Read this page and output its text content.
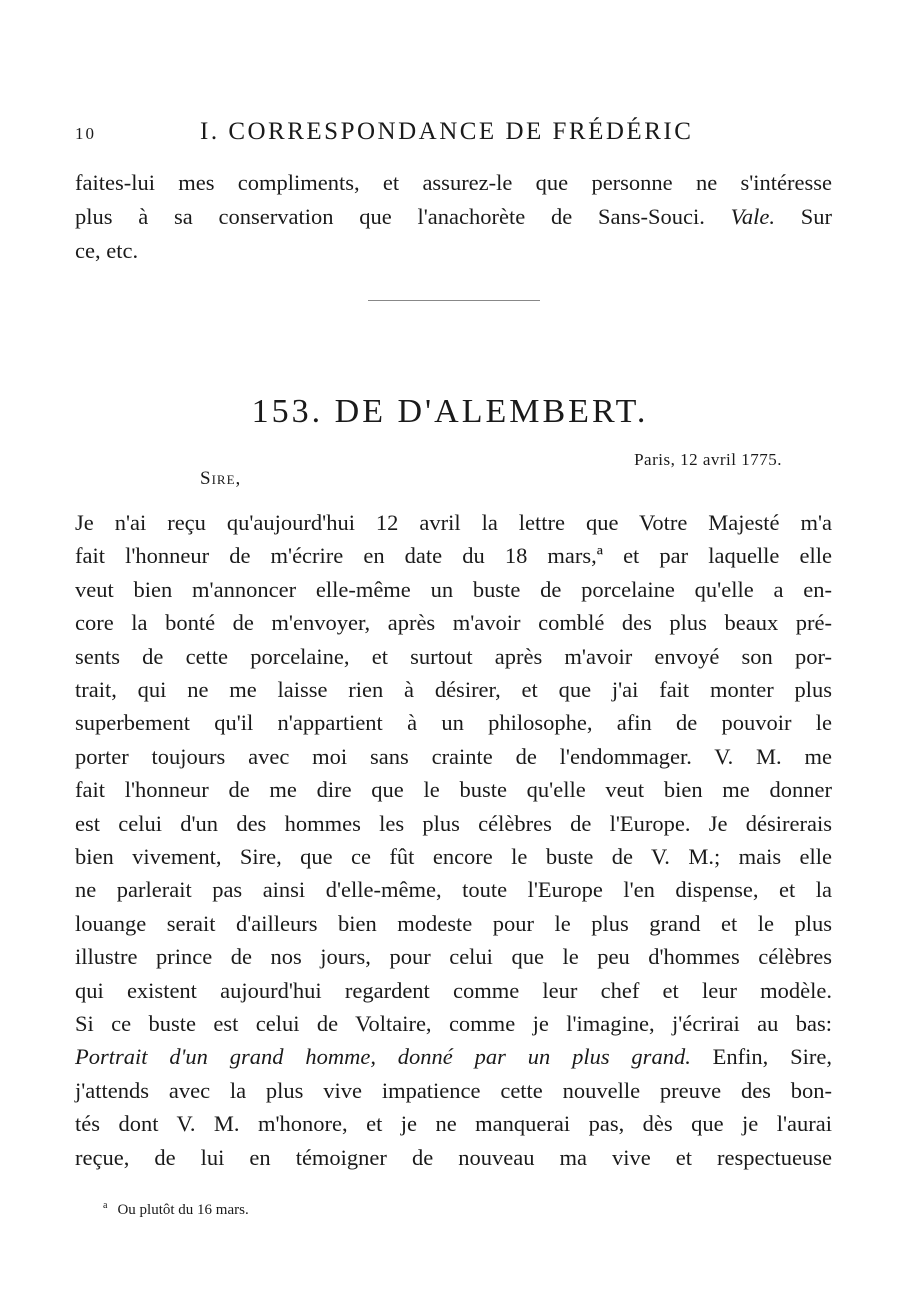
10	I. CORRESPONDANCE DE FRÉDÉRIC
faites-lui mes compliments, et assurez-le que personne ne s'intéresse
plus à sa conservation que l'anachorète de Sans-Souci. Vale. Sur
ce, etc.
153. DE D'ALEMBERT.
Paris, 12 avril 1775.
Sire,
Je n'ai reçu qu'aujourd'hui 12 avril la lettre que Votre Majesté m'a
fait l'honneur de m'écrire en date du 18 mars,ª et par laquelle elle
veut bien m'annoncer elle-même un buste de porcelaine qu'elle a en-
core la bonté de m'envoyer, après m'avoir comblé des plus beaux pré-
sents de cette porcelaine, et surtout après m'avoir envoyé son por-
trait, qui ne me laisse rien à désirer, et que j'ai fait monter plus
superbement qu'il n'appartient à un philosophe, afin de pouvoir le
porter toujours avec moi sans crainte de l'endommager. V. M. me
fait l'honneur de me dire que le buste qu'elle veut bien me donner
est celui d'un des hommes les plus célèbres de l'Europe. Je désirerais
bien vivement, Sire, que ce fût encore le buste de V. M.; mais elle
ne parlerait pas ainsi d'elle-même, toute l'Europe l'en dispense, et la
louange serait d'ailleurs bien modeste pour le plus grand et le plus
illustre prince de nos jours, pour celui que le peu d'hommes célèbres
qui existent aujourd'hui regardent comme leur chef et leur modèle.
Si ce buste est celui de Voltaire, comme je l'imagine, j'écrirai au bas:
Portrait d'un grand homme, donné par un plus grand. Enfin, Sire,
j'attends avec la plus vive impatience cette nouvelle preuve des bon-
tés dont V. M. m'honore, et je ne manquerai pas, dès que je l'aurai
reçue, de lui en témoigner de nouveau ma vive et respectueuse
$^a$ Ou plutôt du 16 mars.
